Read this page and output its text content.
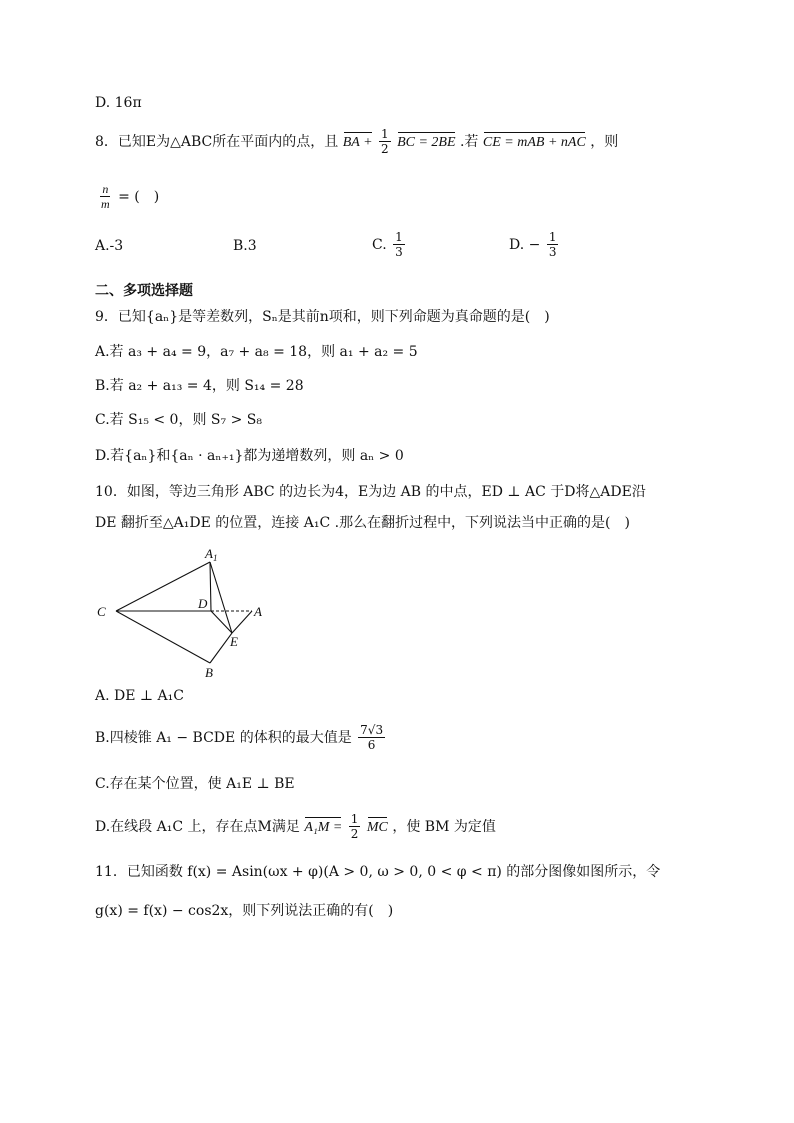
D. 16π
8．已知E为△ABC所在平面内的点，且 BA + $\frac{1}{2}$ BC = 2BE .若 CE = mAB + nAC ，则
$\frac{n}{m}$ = (　)
A.-3	B.3	C. $\frac{1}{3}$	D. − $\frac{1}{3}$
二、多项选择题
9．已知{aₙ}是等差数列，Sₙ是其前n项和，则下列命题为真命题的是(　)
A.若 a₃ + a₄ = 9，a₇ + a₈ = 18，则 a₁ + a₂ = 5
B.若 a₂ + a₁₃ = 4，则 S₁₄ = 28
C.若 S₁₅ < 0，则 S₇ > S₈
D.若{aₙ}和{aₙ · aₙ₊₁}都为递增数列，则 aₙ > 0
10．如图，等边三角形 ABC 的边长为4，E为边 AB 的中点，ED ⊥ AC 于D将△ADE沿
DE 翻折至△A₁DE 的位置，连接 A₁C .那么在翻折过程中，下列说法当中正确的是(　)
$A_1$
C
D
A
E
B
A. DE ⊥ A₁C
B.四棱锥 A₁ − BCDE 的体积的最大值是 $\frac{7√3}{6}$
C.存在某个位置，使 A₁E ⊥ BE
D.在线段 A₁C 上，存在点M满足 $A_1M = \frac{1}{2}$ MC ，使 BM 为定值
11．已知函数 f(x) = Asin(ωx + φ)(A > 0, ω > 0, 0 < φ < π) 的部分图像如图所示，令
g(x) = f(x) − cos2x，则下列说法正确的有(　)
